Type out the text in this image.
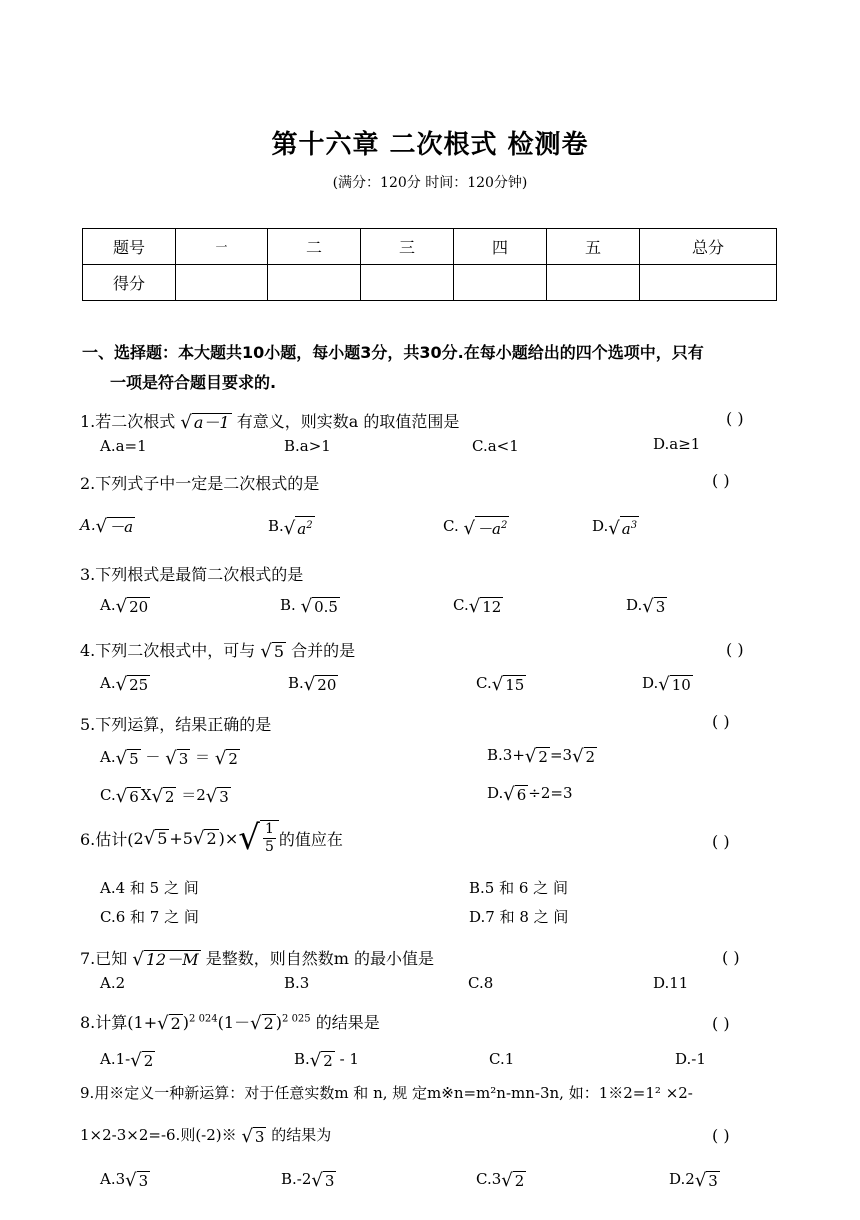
第十六章 二次根式 检测卷
(满分：120分 时间：120分钟)
题号	一	二	三	四	五	总分
得分						
一、选择题：本大题共10小题，每小题3分，共30分.在每小题给出的四个选项中，只有
一项是符合题目要求的.
1.若二次根式 √ a－1 有意义，则实数a 的取值范围是	( )
A.a=1	B.a>1	C.a<1	D.a≥1
2.下列式子中一定是二次根式的是	( )
A. √ －a	B. √ $a^2$	C. √ $-a^2$	D. √ $a^3$
3.下列根式是最简二次根式的是
A. √ 20	B. √ 0.5	C. √ 12	D. √ 3
4.下列二次根式中，可与 √ 5 合并的是	( )
A. √ 25	B. √ 20	C. √ 15	D. √ 10
5.下列运算，结果正确的是	( )
A. √ 5 － √ 3 ＝ √ 2	B.3+ √ 2 =3 √ 2
C. √ 6 X √ 2 ＝2 √ 3	D. √ 6 ÷2=3
6.估计( 2 √ 5 +5 √ 2 )× √ 1
5 的值应在	( )
A.4 和 5 之 间	B.5 和 6 之 间
C.6 和 7 之 间	D.7 和 8 之 间
7.已知 √ 12－M 是整数，则自然数m 的最小值是	( )
A.2	B.3	C.8	D.11
8.计算(1+ √ 2 )$^{2 024}$(1－ √ 2 )$^{2 025}$ 的结果是	( )
A.1- √ 2	B. √ 2 - 1	C.1	D.-1
9.用※定义一种新运算：对于任意实数m 和 n, 规 定m※n=m²n-mn-3n, 如：1※2=1² ×2-
1×2-3×2=-6.则(-2)※ √ 3 的结果为	( )
A.3 √ 3	B.-2 √ 3	C.3 √ 2	D.2 √ 3
